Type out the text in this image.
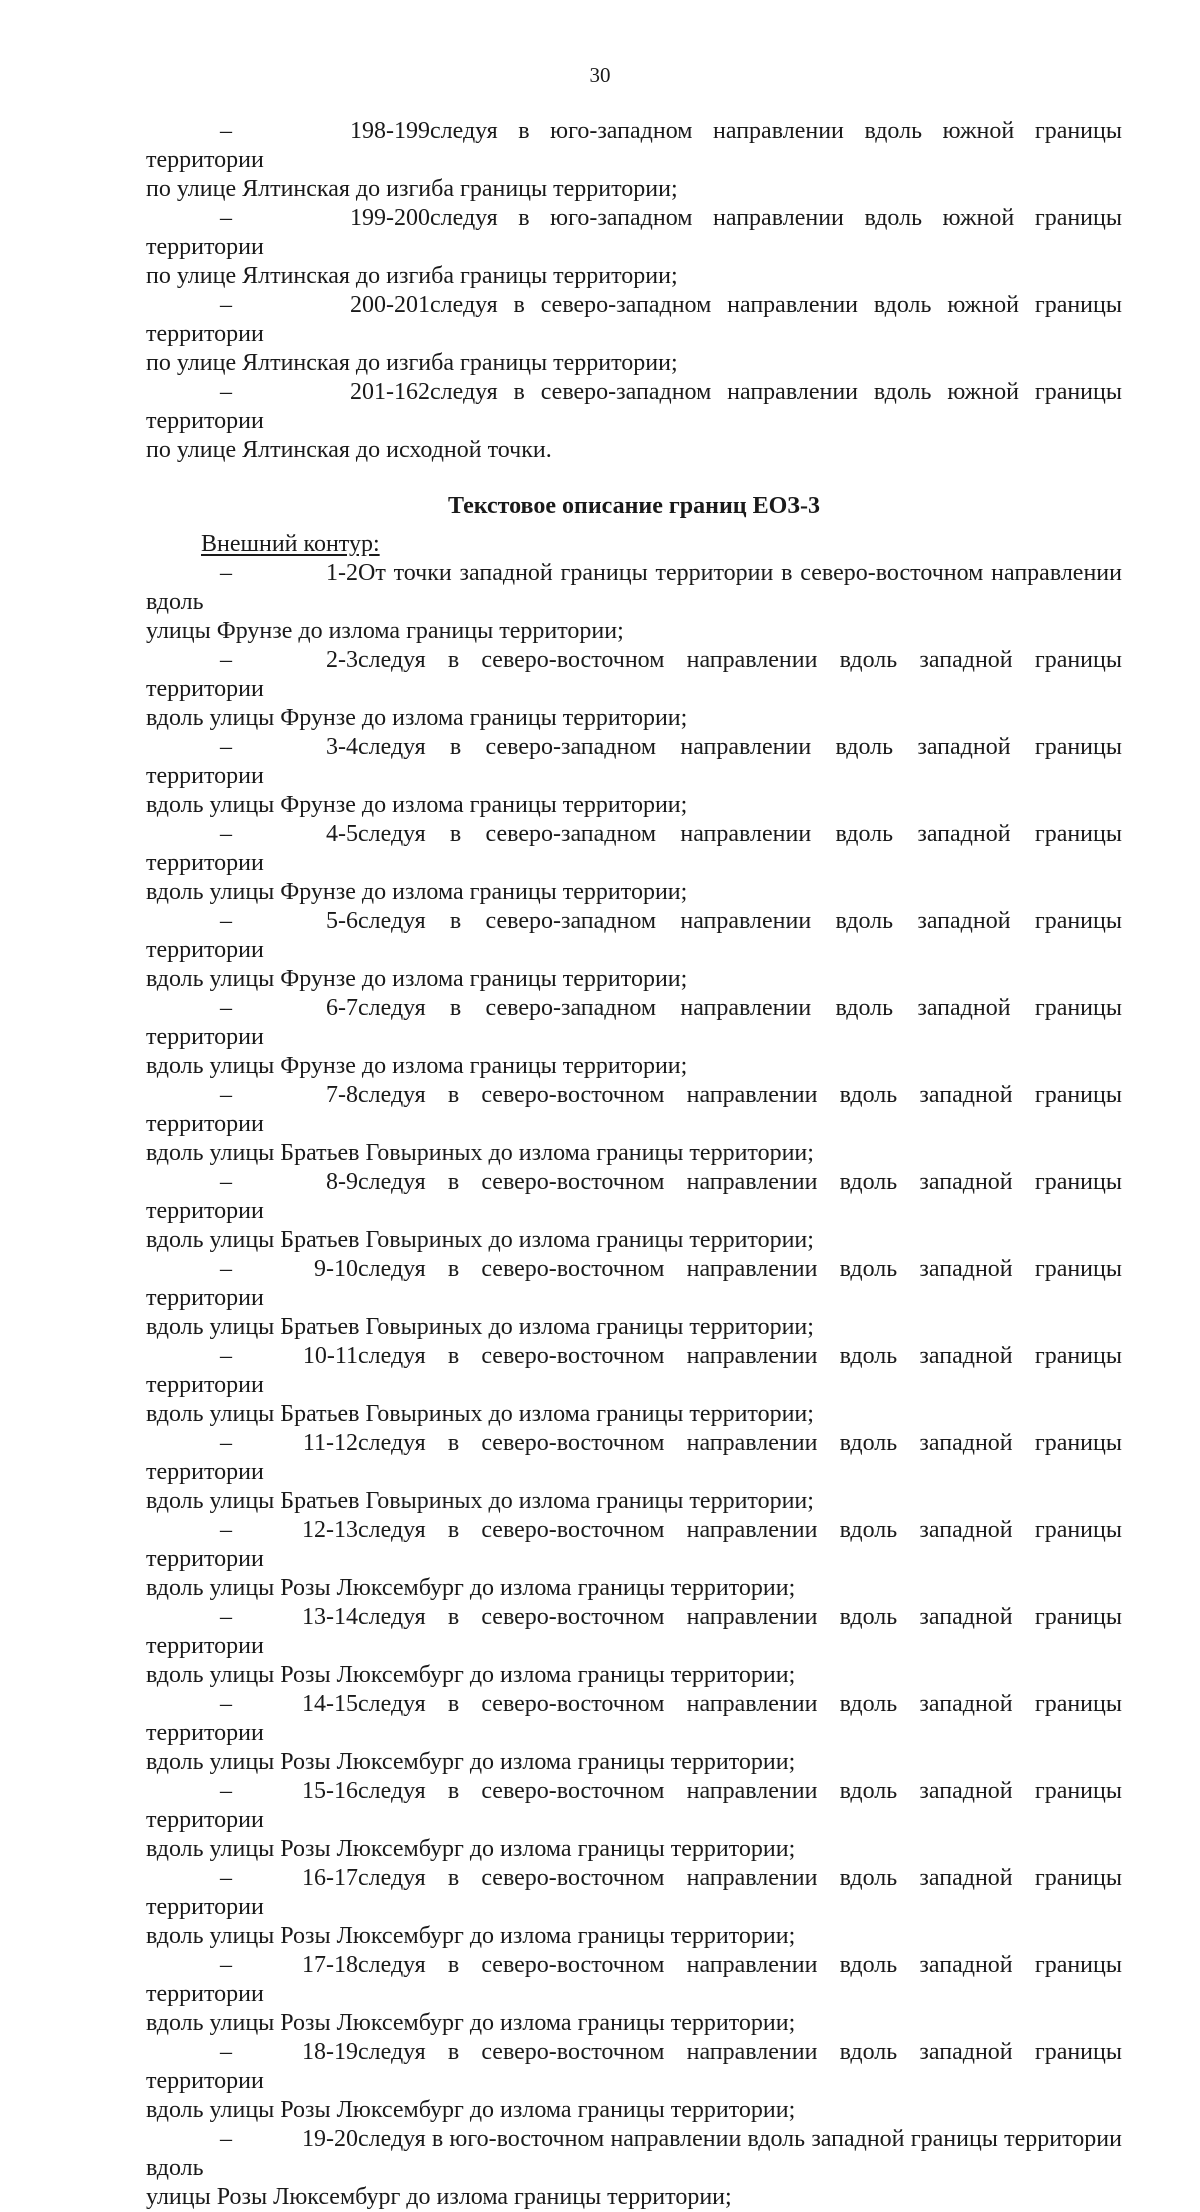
30
– 198-199следуя в юго-западном направлении вдоль южной границы территории
по улице Ялтинская до изгиба границы территории;
– 199-200следуя в юго-западном направлении вдоль южной границы территории
по улице Ялтинская до изгиба границы территории;
– 200-201следуя в северо-западном направлении вдоль южной границы территории
по улице Ялтинская до изгиба границы территории;
– 201-162следуя в северо-западном направлении вдоль южной границы территории
по улице Ялтинская до исходной точки.
Текстовое описание границ ЕОЗ-3
Внешний контур:
– 1-2От точки западной границы территории в северо-восточном направлении вдоль
улицы Фрунзе до излома границы территории;
– 2-3следуя в северо-восточном направлении вдоль западной границы территории
вдоль улицы Фрунзе до излома границы территории;
– 3-4следуя в северо-западном направлении вдоль западной границы территории
вдоль улицы Фрунзе до излома границы территории;
– 4-5следуя в северо-западном направлении вдоль западной границы территории
вдоль улицы Фрунзе до излома границы территории;
– 5-6следуя в северо-западном направлении вдоль западной границы территории
вдоль улицы Фрунзе до излома границы территории;
– 6-7следуя в северо-западном направлении вдоль западной границы территории
вдоль улицы Фрунзе до излома границы территории;
– 7-8следуя в северо-восточном направлении вдоль западной границы территории
вдоль улицы Братьев Говыриных до излома границы территории;
– 8-9следуя в северо-восточном направлении вдоль западной границы территории
вдоль улицы Братьев Говыриных до излома границы территории;
– 9-10следуя в северо-восточном направлении вдоль западной границы территории
вдоль улицы Братьев Говыриных до излома границы территории;
– 10-11следуя в северо-восточном направлении вдоль западной границы территории
вдоль улицы Братьев Говыриных до излома границы территории;
– 11-12следуя в северо-восточном направлении вдоль западной границы территории
вдоль улицы Братьев Говыриных до излома границы территории;
– 12-13следуя в северо-восточном направлении вдоль западной границы территории
вдоль улицы Розы Люксембург до излома границы территории;
– 13-14следуя в северо-восточном направлении вдоль западной границы территории
вдоль улицы Розы Люксембург до излома границы территории;
– 14-15следуя в северо-восточном направлении вдоль западной границы территории
вдоль улицы Розы Люксембург до излома границы территории;
– 15-16следуя в северо-восточном направлении вдоль западной границы территории
вдоль улицы Розы Люксембург до излома границы территории;
– 16-17следуя в северо-восточном направлении вдоль западной границы территории
вдоль улицы Розы Люксембург до излома границы территории;
– 17-18следуя в северо-восточном направлении вдоль западной границы территории
вдоль улицы Розы Люксембург до излома границы территории;
– 18-19следуя в северо-восточном направлении вдоль западной границы территории
вдоль улицы Розы Люксембург до излома границы территории;
– 19-20следуя в юго-восточном направлении вдоль западной границы территории вдоль
улицы Розы Люксембург до излома границы территории;
